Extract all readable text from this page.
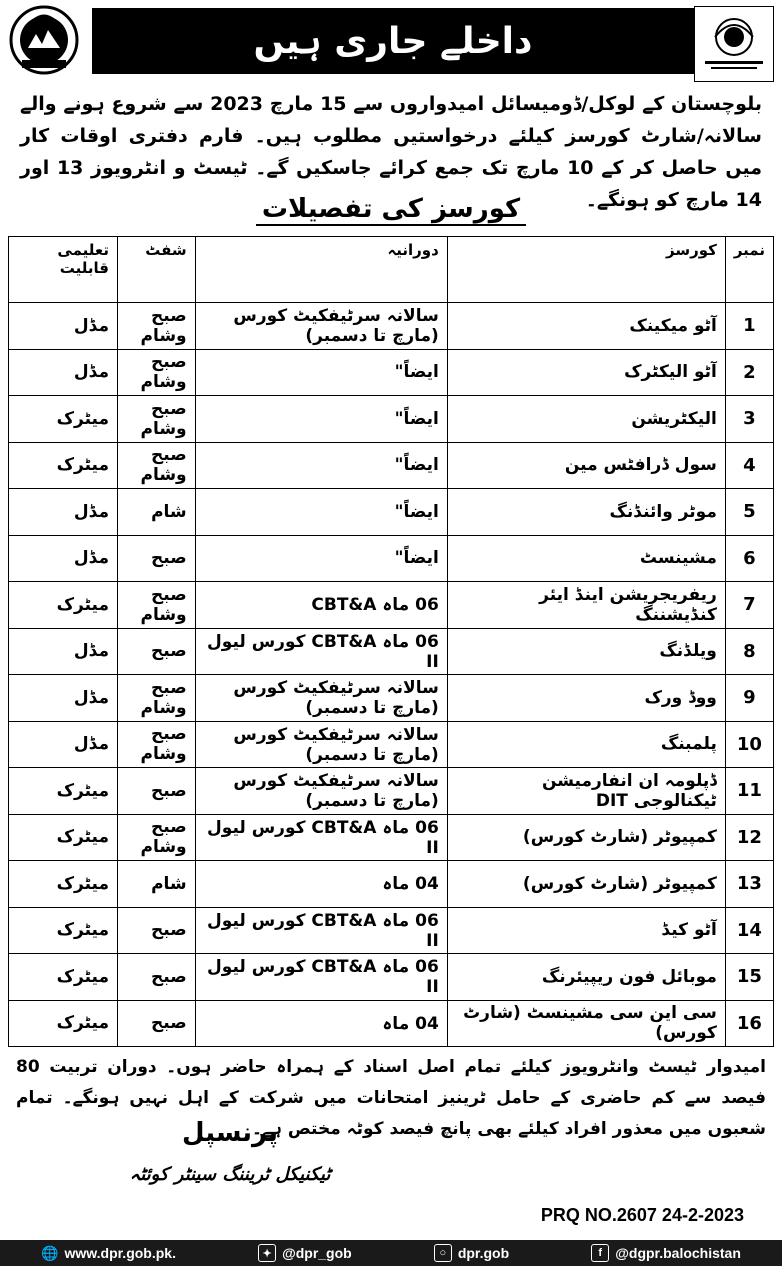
داخلے جاری ہیں
بلوچستان کے لوکل/ڈومیسائل امیدواروں سے 15 مارچ 2023 سے شروع ہونے والے سالانہ/شارٹ کورسز کیلئے درخواستیں مطلوب ہیں۔ فارم دفتری اوقات کار میں حاصل کر کے 10 مارچ تک جمع کرائے جاسکیں گے۔ ٹیسٹ و انٹرویوز 13 اور 14 مارچ کو ہونگے۔
کورسز کی تفصیلات
نمبر	کورسز	دورانیہ	شفٹ	تعلیمی قابلیت
1	آٹو میکینک	سالانہ سرٹیفکیٹ کورس (مارچ تا دسمبر)	صبح وشام	مڈل
2	آٹو الیکٹرک	ایضاً"	صبح وشام	مڈل
3	الیکٹریشن	ایضاً"	صبح وشام	میٹرک
4	سول ڈرافٹس مین	ایضاً"	صبح وشام	میٹرک
5	موٹر وائنڈنگ	ایضاً"	شام	مڈل
6	مشینسٹ	ایضاً"	صبح	مڈل
7	ریفریجریشن اینڈ ایئر کنڈیشننگ	06 ماہ CBT&A	صبح وشام	میٹرک
8	ویلڈنگ	06 ماہ CBT&A کورس لیول II	صبح	مڈل
9	ووڈ ورک	سالانہ سرٹیفکیٹ کورس (مارچ تا دسمبر)	صبح وشام	مڈل
10	پلمبنگ	سالانہ سرٹیفکیٹ کورس (مارچ تا دسمبر)	صبح وشام	مڈل
11	ڈپلومہ ان انفارمیشن ٹیکنالوجی DIT	سالانہ سرٹیفکیٹ کورس (مارچ تا دسمبر)	صبح	میٹرک
12	کمپیوٹر (شارٹ کورس)	06 ماہ CBT&A کورس لیول II	صبح وشام	میٹرک
13	کمپیوٹر (شارٹ کورس)	04 ماہ	شام	میٹرک
14	آٹو کیڈ	06 ماہ CBT&A کورس لیول II	صبح	میٹرک
15	موبائل فون ریپیئرنگ	06 ماہ CBT&A کورس لیول II	صبح	میٹرک
16	سی این سی مشینسٹ (شارٹ کورس)	04 ماہ	صبح	میٹرک
امیدوار ٹیسٹ وانٹرویوز کیلئے تمام اصل اسناد کے ہمراہ حاضر ہوں۔ دوران تربیت 80 فیصد سے کم حاضری کے حامل ٹرینیز امتحانات میں شرکت کے اہل نہیں ہونگے۔ تمام شعبوں میں معذور افراد کیلئے بھی پانچ فیصد کوٹہ مختص ہے۔
پرنسپل
ٹیکنیکل ٹریننگ سینٹر کوئٹہ
PRQ NO.2607 24-2-2023
🌐 www.dpr.gob.pk.	✦ @dpr_gob	○ dpr.gob	f @dgpr.balochistan
